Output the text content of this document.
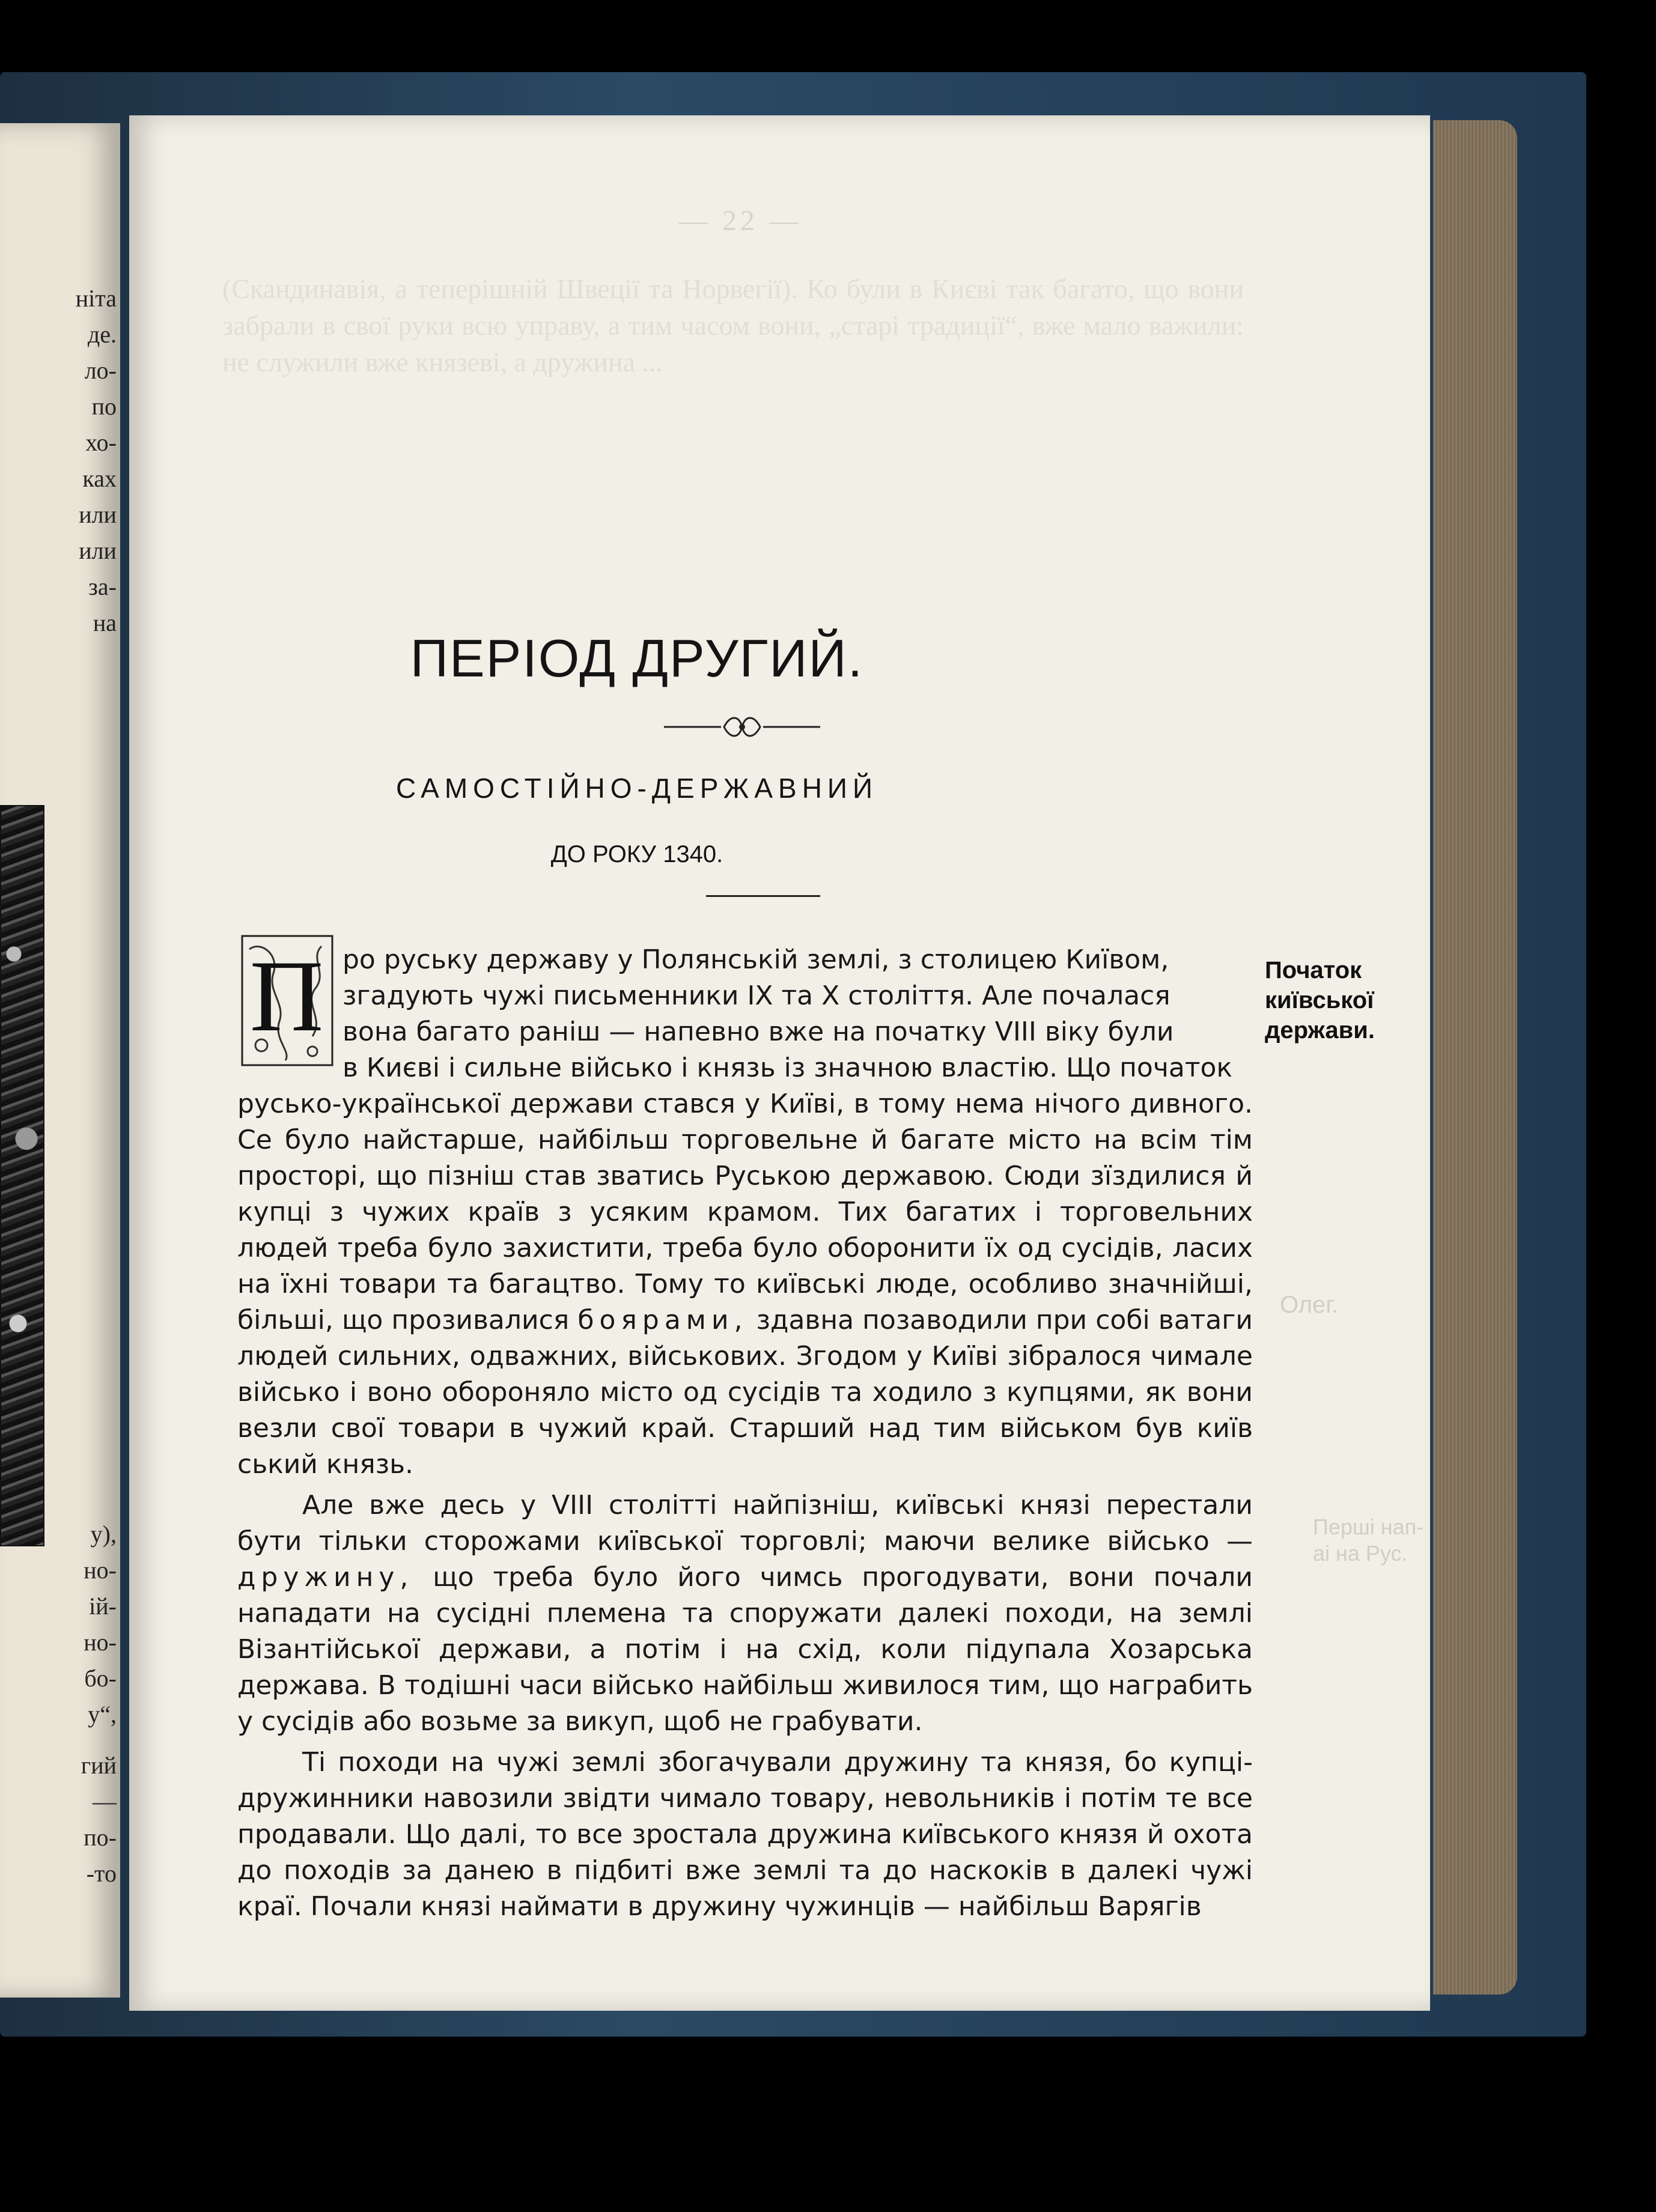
ніта
де.
ло-
по
хо-
ках
или
или
за-
на
у),
но-
ій-
но-
бо-
у“,
гий
—
по-
-то
— 22 —
(Скандинавія, а теперішній Швеції та Норвегії). Ко були в Києві так багато, що вони забрали в свої руки всю управу, а тим часом вони, „старі традиції“, вже мало важили: не служили вже князеві, а дружина ...
ПЕРІОД ДРУГИЙ.
САМОСТІЙНО-ДЕРЖАВНИЙ
ДО РОКУ 1340.
П	Початок київської держави.
Олег.
Перші нап-
аі на Рус.
ро руську державу у Полянській землі, з столицею Київом,
згадують чужі письменники IX та X століття. Але почалася
вона багато раніш — напевно вже на початку VIII віку були
в Києві і сильне військо і князь із значною властію. Що початок

русько-української держави стався у Київі, в тому нема нічого дивного. Се було найстарше, найбільш торговельне й багате місто на всім тім просторі, що пізніш став зватись Руською державою. Сюди зїздилися й купці з чужих країв з усяким крамом. Тих багатих і торговельних людей треба було захистити, треба було оборонити їх од сусідів, ласих на їхні товари та багацтво. Тому то київські люде, особливо значнійші, більші, що прозивалися боярами, здавна позаводили при собі ватаги людей сильних, одважних, військових. Згодом у Київі зібралося чимале військо і воно обороняло місто од сусідів та ходило з купцями, як вони везли свої товари в чужий край. Старший над тим військом був київ ський князь.

Але вже десь у VIII столітті найпізніш, київські князі перестали бути тільки сторожами київської торговлі; маючи велике військо — дружину, що треба було його чимсь прогодувати, вони почали нападати на сусідні племена та споружати далекі походи, на землі Візантійської держави, а потім і на схід, коли підупала Хозарська держава. В тодішні часи військо найбільш живилося тим, що награбить у сусідів або возьме за викуп, щоб не грабувати.

Ті походи на чужі землі збогачували дружину та князя, бо купці-дружинники навозили звідти чимало товару, невольників і потім те все продавали. Що далі, то все зростала дружина київського князя й охота до походів за данею в підбиті вже землі та до наскоків в далекі чужі краї. Почали князі наймати в дружину чужинців — найбільш Варягів
